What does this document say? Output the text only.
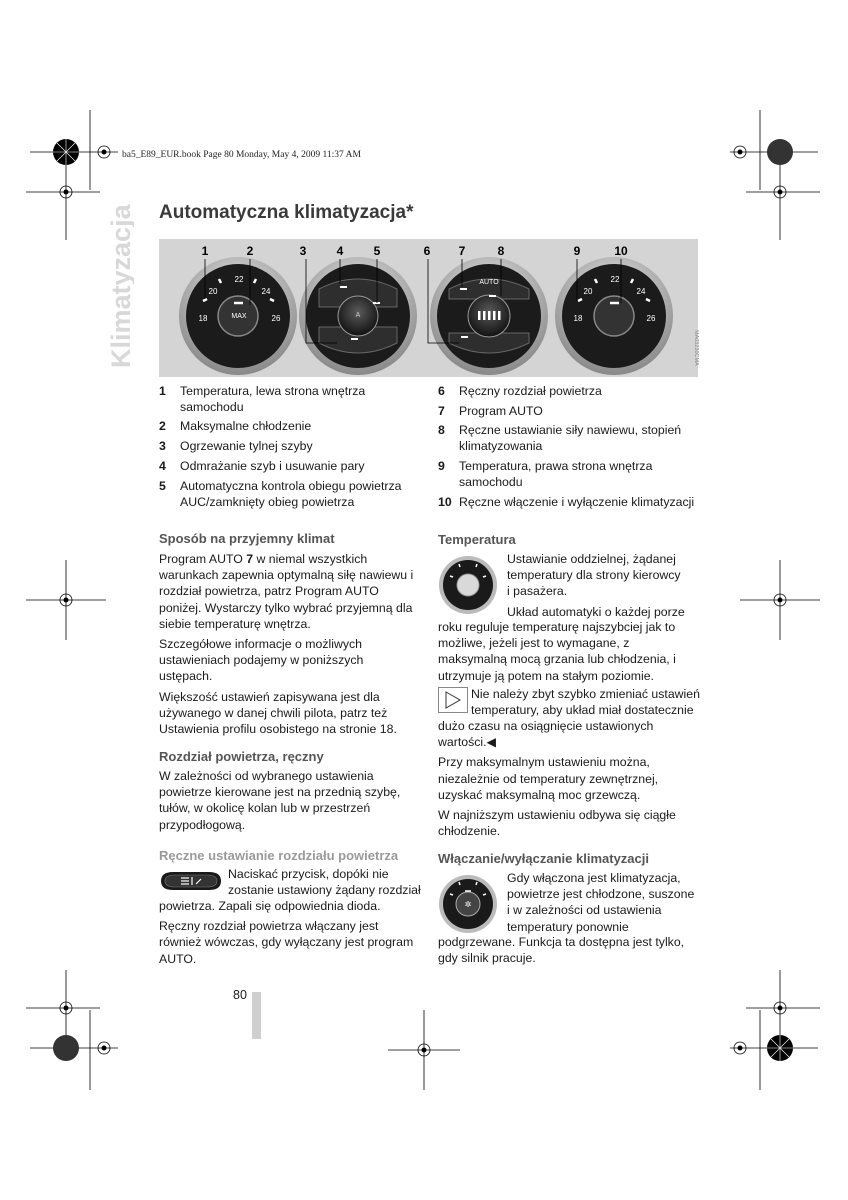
ba5_E89_EUR.book Page 80 Monday, May 4, 2009 11:37 AM
Klimatyzacja Automatyczna klimatyzacja*
20
22
24
18	26
MAX	A
AUTO
20
22
24
18	26
1	2	3	4	5	6 7	8	9	10
MA03230CMA
1	Temperatura, lewa strona wnętrza samochodu
2	Maksymalne chłodzenie
3	Ogrzewanie tylnej szyby
4	Odmrażanie szyb i usuwanie pary
5	Automatyczna kontrola obiegu powietrza AUC/zamknięty obieg powietrza
6	Ręczny rozdział powietrza
7	Program AUTO
8	Ręczne ustawianie siły nawiewu, stopień klimatyzowania
9	Temperatura, prawa strona wnętrza samochodu
10 Ręczne włączenie i wyłączenie klimatyzacji
Sposób na przyjemny klimat

Program AUTO 7 w niemal wszystkich warunkach zapewnia optymalną siłę nawiewu i rozdział powietrza, patrz Program AUTO poniżej. Wystarczy tylko wybrać przyjemną dla siebie temperaturę wnętrza.

Szczegółowe informacje o możliwych ustawieniach podajemy w poniższych ustępach.

Większość ustawień zapisywana jest dla używanego w danej chwili pilota, patrz też Ustawienia profilu osobistego na stronie 18.

Rozdział powietrza, ręczny

W zależności od wybranego ustawienia powietrze kierowane jest na przednią szybę, tułów, w okolicę kolan lub w przestrzeń przypodłogową.

Ręczne ustawianie rozdziału powietrza

Naciskać przycisk, dopóki nie

zostanie ustawiony żądany rozdział

powietrza. Zapali się odpowiednia dioda.

Ręczny rozdział powietrza włączany jest również wówczas, gdy wyłączany jest program AUTO.

Temperatura

Ustawianie oddzielnej, żądanej

temperatury dla strony kierowcy

i pasażera.

Układ automatyki o każdej porze

roku reguluje temperaturę najszybciej jak to możliwe, jeżeli jest to wymagane, z maksymalną mocą grzania lub chłodzenia, i utrzymuje ją potem na stałym poziomie.

Nie należy zbyt szybko zmieniać ustawień

temperatury, aby układ miał dostatecznie

dużo czasu na osiągnięcie ustawionych wartości.◀

Przy maksymalnym ustawieniu można, niezależnie od temperatury zewnętrznej, uzyskać maksymalną moc grzewczą.

W najniższym ustawieniu odbywa się ciągłe chłodzenie.

Włączanie/wyłączanie klimatyzacji
✲

Gdy włączona jest klimatyzacja,

powietrze jest chłodzone, suszone

i w zależności od ustawienia

temperatury ponownie

podgrzewane. Funkcja ta dostępna jest tylko, gdy silnik pracuje.

80
